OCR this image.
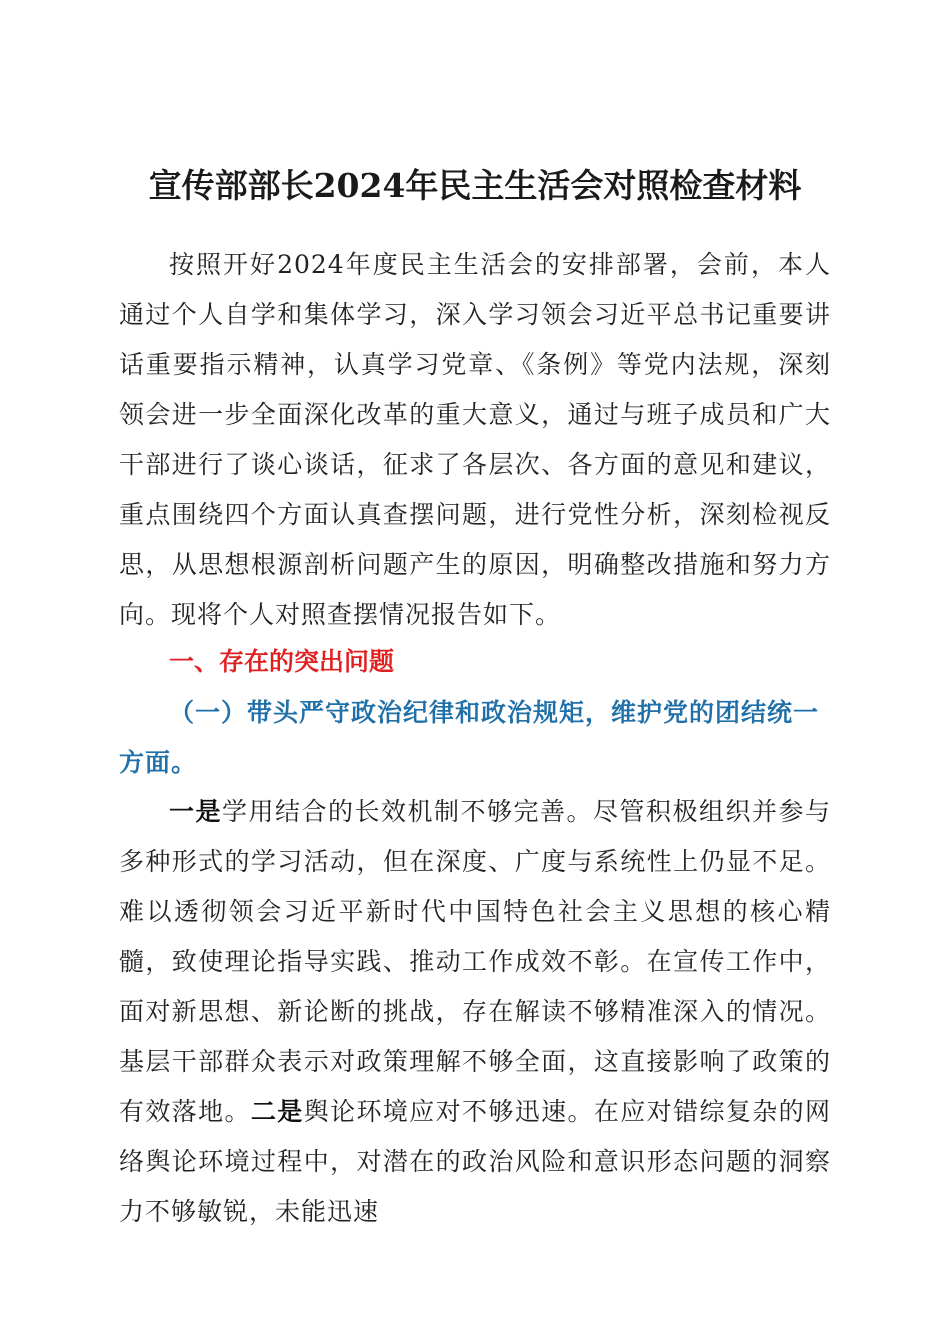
宣传部部长2024年民主生活会对照检查材料

按照开好2024年度民主生活会的安排部署，会前，本人通过个人自学和集体学习，深入学习领会习近平总书记重要讲话重要指示精神，认真学习党章、《条例》等党内法规，深刻领会进一步全面深化改革的重大意义，通过与班子成员和广大干部进行了谈心谈话，征求了各层次、各方面的意见和建议，重点围绕四个方面认真查摆问题，进行党性分析，深刻检视反思，从思想根源剖析问题产生的原因，明确整改措施和努力方向。现将个人对照查摆情况报告如下。

一、存在的突出问题
（一）带头严守政治纪律和政治规矩，维护党的团结统一方面。

一是学用结合的长效机制不够完善。尽管积极组织并参与多种形式的学习活动，但在深度、广度与系统性上仍显不足。难以透彻领会习近平新时代中国特色社会主义思想的核心精髓，致使理论指导实践、推动工作成效不彰。在宣传工作中，面对新思想、新论断的挑战，存在解读不够精准深入的情况。基层干部群众表示对政策理解不够全面，这直接影响了政策的有效落地。二是舆论环境应对不够迅速。在应对错综复杂的网络舆论环境过程中，对潜在的政治风险和意识形态问题的洞察力不够敏锐，未能迅速
